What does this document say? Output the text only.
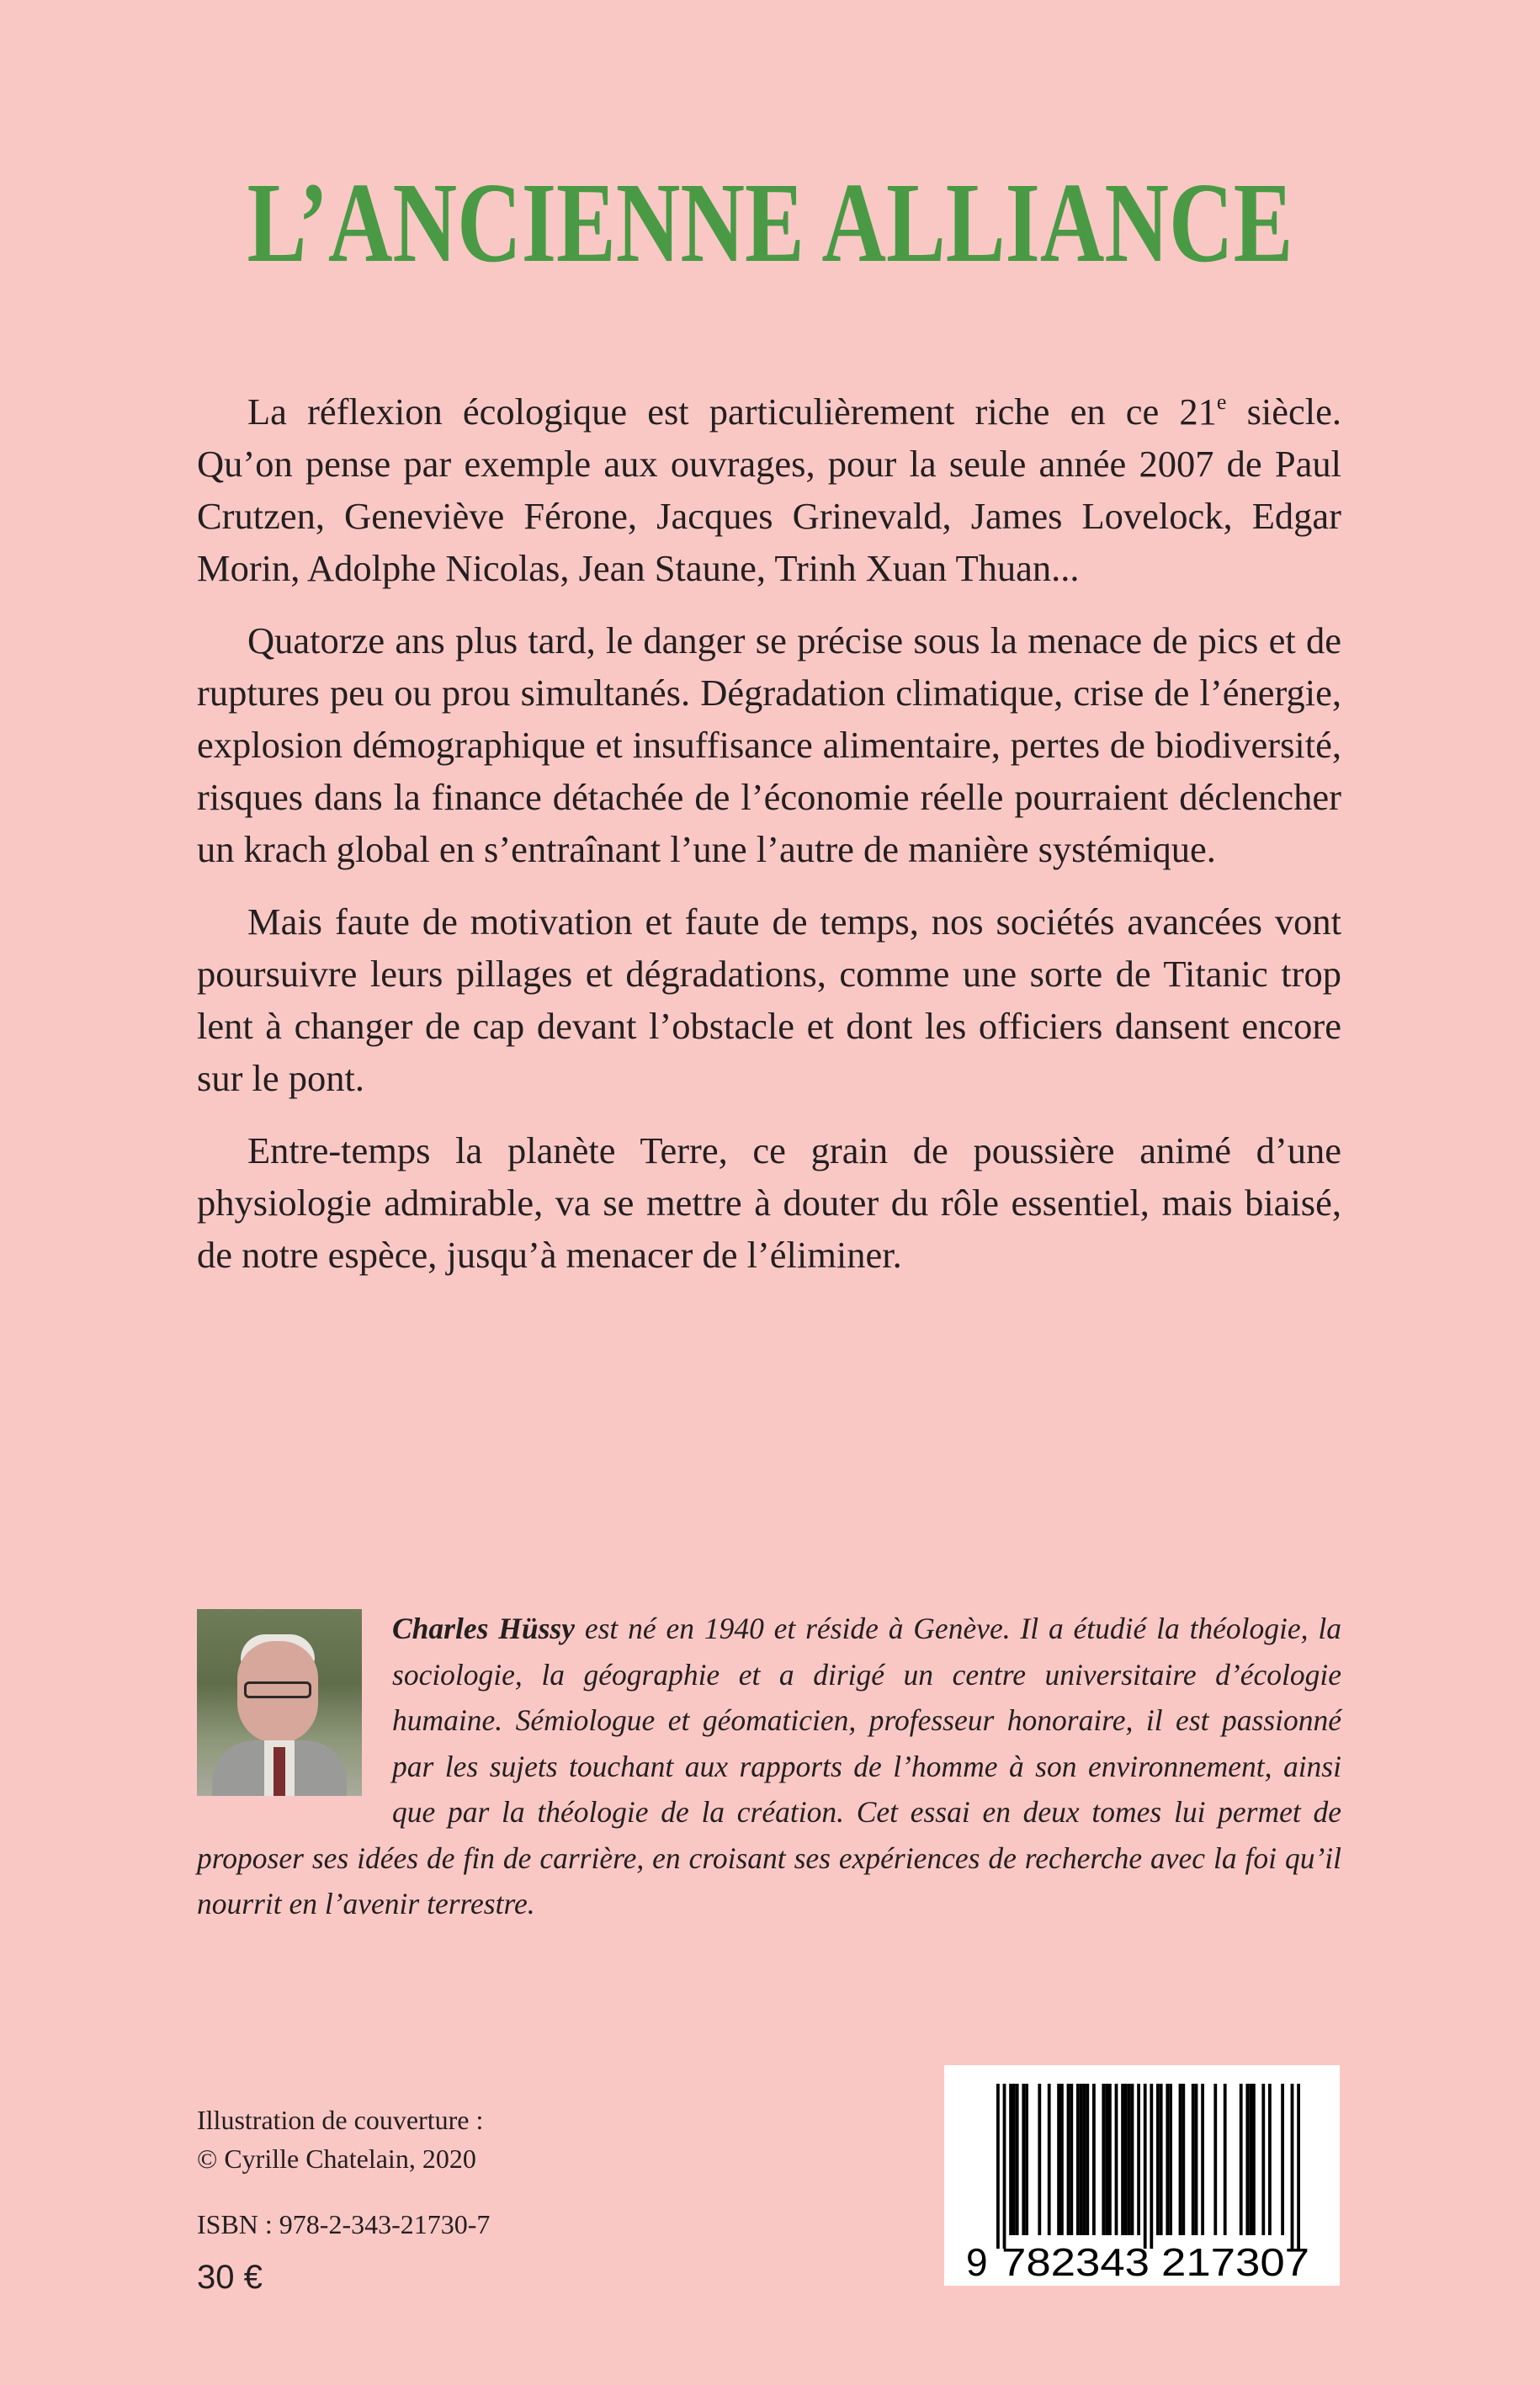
L’ANCIENNE ALLIANCE

La réflexion écologique est particulièrement riche en ce 21e siècle. Qu’on pense par exemple aux ouvrages, pour la seule année 2007 de Paul Crutzen, Geneviève Férone, Jacques Grinevald, James Lovelock, Edgar Morin, Adolphe Nicolas, Jean Staune, Trinh Xuan Thuan...

Quatorze ans plus tard, le danger se précise sous la menace de pics et de ruptures peu ou prou simultanés. Dégradation climatique, crise de l’énergie, explosion démographique et insuffisance alimentaire, pertes de biodiversité, risques dans la finance détachée de l’économie réelle pourraient déclencher un krach global en s’entraînant l’une l’autre de manière systémique.

Mais faute de motivation et faute de temps, nos sociétés avancées vont poursuivre leurs pillages et dégradations, comme une sorte de Titanic trop lent à changer de cap devant l’obstacle et dont les officiers dansent encore sur le pont.

Entre-temps la planète Terre, ce grain de poussière animé d’une physiologie admirable, va se mettre à douter du rôle essentiel, mais biaisé, de notre espèce, jusqu’à menacer de l’éliminer.

Charles Hüssy est né en 1940 et réside à Genève. Il a étudié la théologie, la sociologie, la géographie et a dirigé un centre universitaire d’écologie humaine. Sémiologue et géomaticien, professeur honoraire, il est passionné par les sujets touchant aux rapports de l’homme à son environnement, ainsi que par la théologie de la création. Cet essai en deux tomes lui permet de proposer ses idées de fin de carrière, en croisant ses expériences de recherche avec la foi qu’il nourrit en l’avenir terrestre.
Illustration de couverture :
© Cyrille Chatelain, 2020
ISBN : 978-2-343-21730-7
30 €	9 782343 217307
